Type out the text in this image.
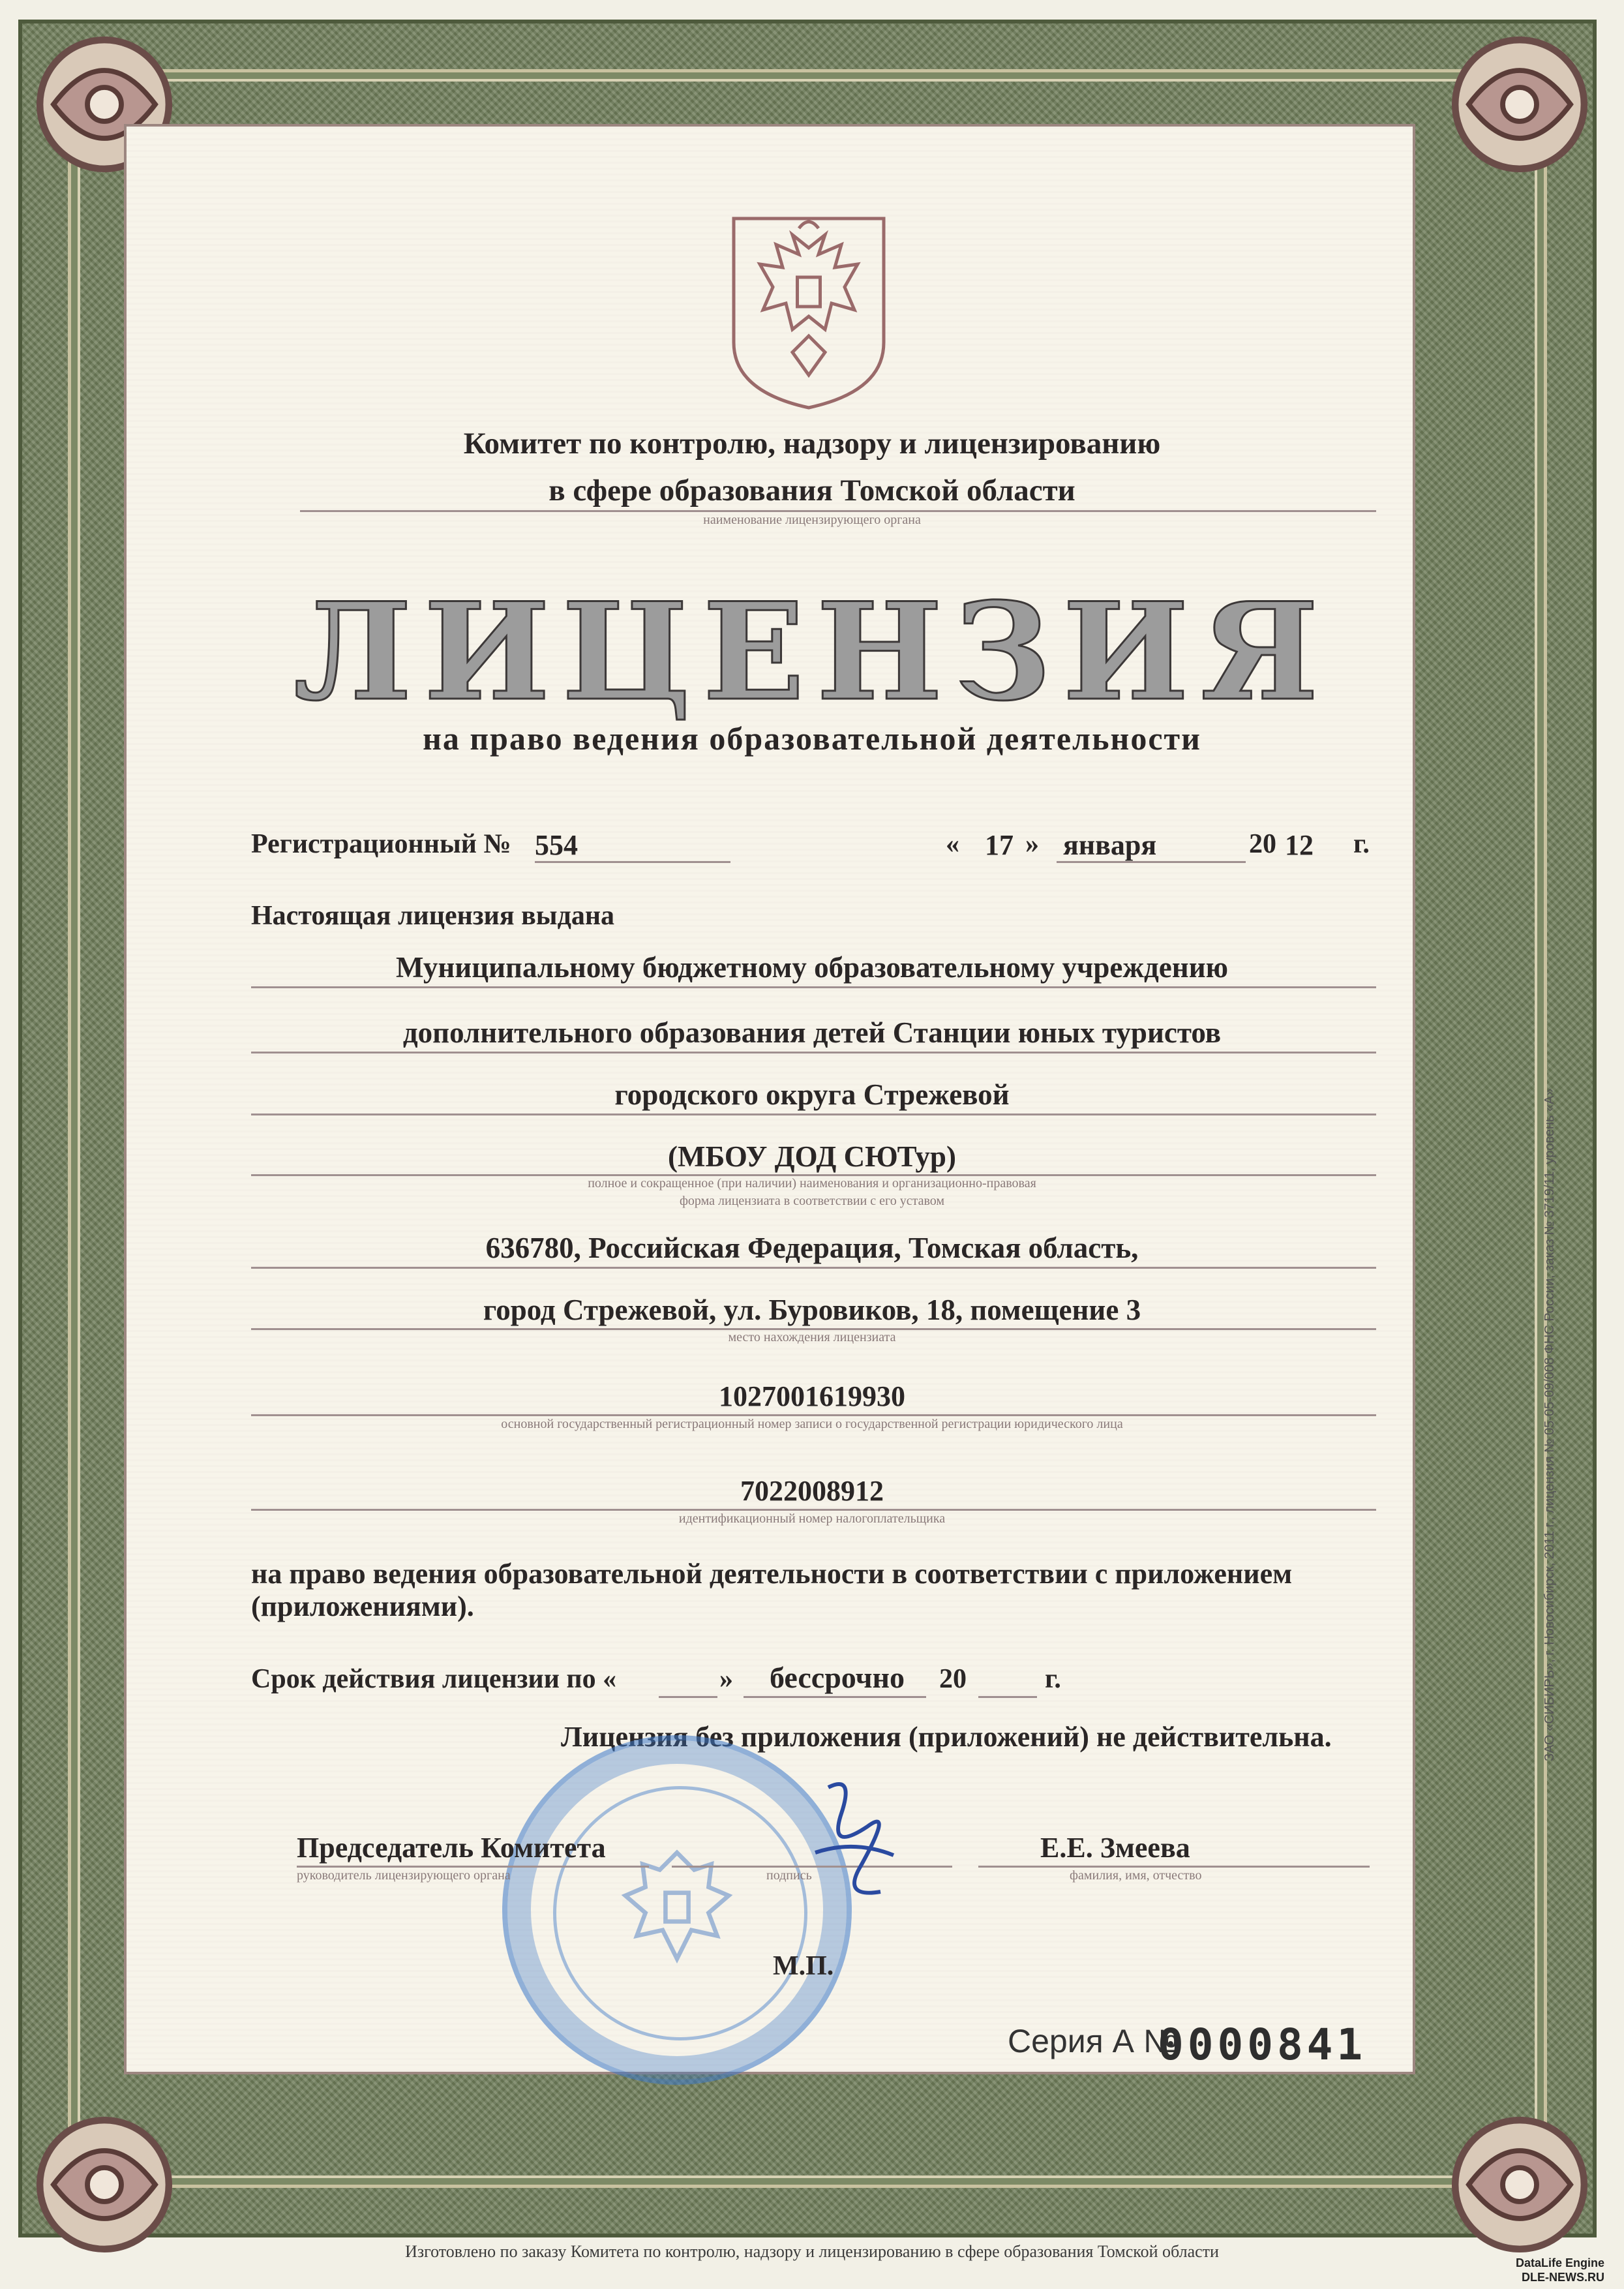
Комитет по контролю, надзору и лицензированию
в сфере образования Томской области
наименование лицензирующего органа
ЛИЦЕНЗИЯ
на право ведения образовательной деятельности
Регистрационный № 554	« 17 » января	20 12 г.
Настоящая лицензия выдана
Муниципальному бюджетному образовательному учреждению
дополнительного образования детей Станции юных туристов
городского округа Стрежевой
(МБОУ ДОД СЮТур)
полное и сокращенное (при наличии) наименования и организационно-правовая
форма лицензиата в соответствии с его уставом
636780, Российская Федерация, Томская область,
город Стрежевой, ул. Буровиков, 18, помещение 3
место нахождения лицензиата
1027001619930
основной государственный регистрационный номер записи о государственной регистрации юридического лица
7022008912
идентификационный номер налогоплательщика
на право ведения образовательной деятельности в соответствии с приложением
(приложениями).
Срок действия лицензии по «	» бессрочно 20	г.
Лицензия без приложения (приложений) не действительна.
Председатель Комитета
руководитель лицензирующего органа	подпись
Е.Е. Змеева
фамилия, имя, отчество
М.П.
Серия А №
0000841
ЗАО «СИБИРЬ», г. Новосибирск, 2011 г., лицензия № 05-05-09/008 ФНС России, заказ № 3719/11, уровень «А»
Изготовлено по заказу Комитета по контролю, надзору и лицензированию в сфере образования Томской области
DataLife Engine
DLE-NEWS.RU
